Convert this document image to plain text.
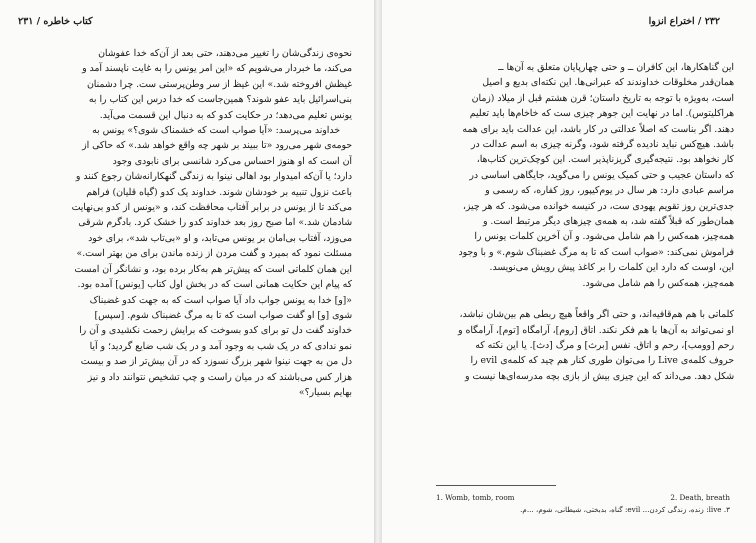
کتاب خاطره / ۲۳۱

نحوه‌ی زندگی‌شان را تغییر می‌دهند، حتی بعد از آن‌که خدا عفوشان

می‌کند، ما خبردار می‌شویم که «این امر یونس را به غایت ناپسند آمد و

غیظش افروخته شد.» این غیظ از سر وطن‌پرستی ست. چرا دشمنان

بنی‌اسرائیل باید عفو شوند؟ همین‌جاست که خدا درس این کتاب را به

یونس تعلیم می‌دهد؛ در حکایت کدو که به دنبال این قسمت می‌آید.

خداوند می‌پرسد: «آیا صواب است که خشمناک شوی؟» یونس به

حومه‌ی شهر می‌رود «تا ببیند بر شهر چه واقع خواهد شد.» که حاکی از

آن است که او هنوز احساس می‌کرد شانسی برای نابودی وجود

دارد؛ یا آن‌که امیدوار بود اهالی نینوا به زندگی گنهکارانه‌شان رجوع کنند و

باعث نزول تنبیه بر خودشان شوند. خداوند یک کدو (گیاه قلیان) فراهم

می‌کند تا از یونس در برابر آفتاب محافظت کند، و «یونس از کدو بی‌نهایت

شادمان شد.» اما صبح روز بعد خداوند کدو را خشک کرد. بادگرم شرقی

می‌وزد، آفتاب بی‌امان بر یونس می‌تابد، و او «بی‌تاب شد»، برای خود

مسئلت نمود که بمیرد و گفت مردن از زنده ماندن برای من بهتر است.»

این همان کلماتی است که پیش‌تر هم به‌کار برده بود، و نشانگر آن امست

که پیام این حکایت همانی است که در بخش اول کتاب [یونس] آمده بود.

«[و] خدا به یونس جواب داد آیا صواب است که به جهت کدو غضبناک

شوی [و] او گفت صواب است که تا به مرگ غضبناک شوم. [سپس]

خداوند گفت دل تو برای کدو بسوخت که برایش زحمت نکشیدی و آن را

نمو ندادی که در یک شب به وجود آمد و در یک شب ضایع گردید؛ و آیا

دل من به جهت نینوا شهر بزرگ نسوزد که در آن بیش‌تر از صد و بیست

هزار کس می‌باشند که در میان راست و چپ تشخیص نتوانند داد و نیز

بهایم بسیار؟»

۲۳۲ / اختراع انزوا

این گناهکارها، این کافران ــ و حتی چهارپایان متعلق به آن‌ها ــ

همان‌قدر مخلوقات خداوندند که عبرانی‌ها. این نکته‌ای بدیع و اصیل

است، به‌ویژه با توجه به تاریخ داستان؛ قرن هشتم قبل از میلاد (زمان

هراکلیتوس). اما در نهایت این جوهر چیزی ست که خاخام‌ها باید تعلیم

دهند. اگر بناست که اصلاً عدالتی در کار باشد، این عدالت باید برای همه

باشد. هیچ‌کس نباید نادیده گرفته شود، وگرنه چیزی به اسم عدالت در

کار نخواهد بود. نتیجه‌گیری گریزناپذیر است. این کوچک‌ترین کتاب‌ها،

که داستان عجیب و حتی کمیک یونس را می‌گوید، جایگاهی اساسی در

مراسم عبادی دارد: هر سال در یوم‌کیپور، روز کفاره، که رسمی و

جدی‌ترین روز تقویم یهودی ست، در کنیسه خوانده می‌شود. که هر چیز،

همان‌طور که قبلاً گفته شد، به همه‌ی چیزهای دیگر مرتبط است. و

همه‌چیز، همه‌کس را هم شامل می‌شود. و آن آخرین کلمات یونس را

فراموش نمی‌کند: «صواب است که تا به مرگ غضبناک شوم.» و با وجود

این، اوست که دارد این کلمات را بر کاغذ پیش رویش می‌نویسد.

همه‌چیز، همه‌کس را هم شامل می‌شود.

کلماتی با هم هم‌قافیه‌اند، و حتی اگر واقعاً هیچ ربطی هم بین‌شان نباشد،

او نمی‌تواند به آن‌ها با هم فکر نکند. اتاق [روم]، آرامگاه [توم]، آرامگاه و

رحم [وومب]، رحم و اتاق. نفس [برث] و مرگ [دث]. یا این نکته که

حروف کلمه‌ی Live را می‌توان طوری کنار هم چید که کلمه‌ی evil را

شکل دهد. می‌داند که این چیزی بیش از بازی بچه مدرسه‌ای‌ها نیست و

1. Womb, tomb, room	2. Death, breath
۳. live: زنده، زندگی کردن... evil: گناه، بدبختی، شیطانی، شوم، ...م.
